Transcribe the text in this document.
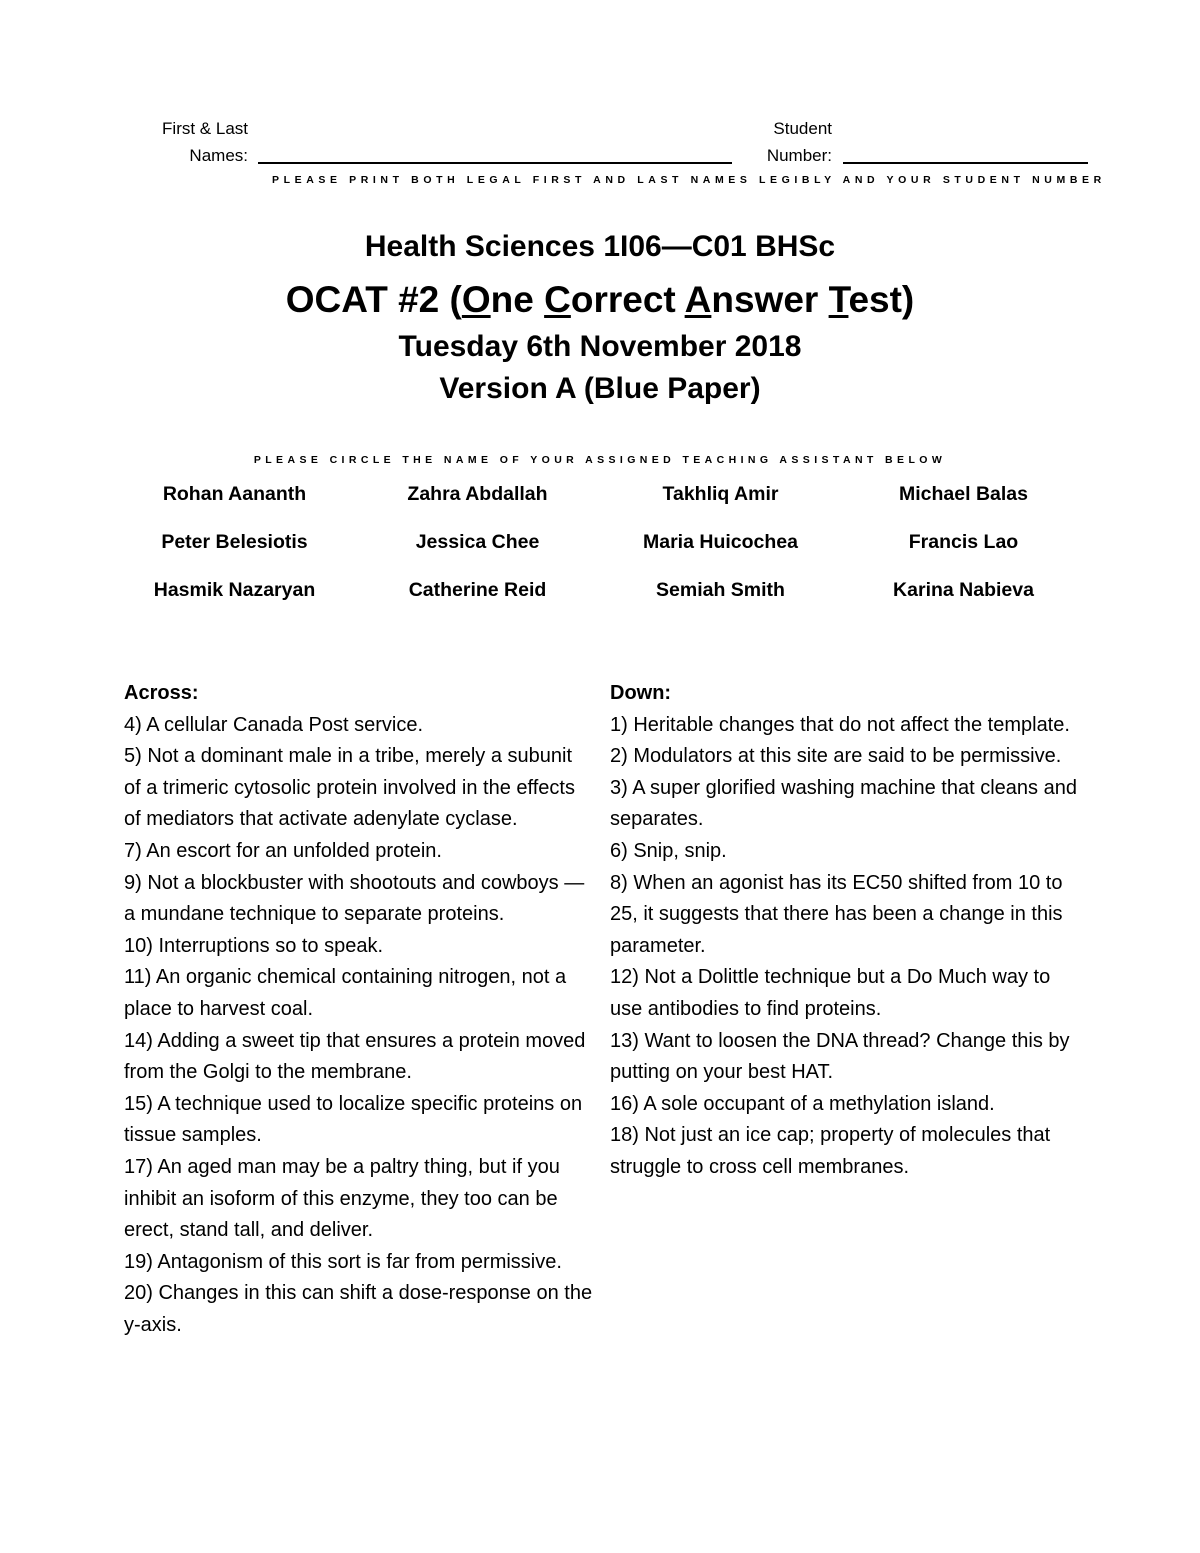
First & Last
Names:
Student
Number:
PLEASE PRINT BOTH LEGAL FIRST AND LAST NAMES LEGIBLY AND YOUR STUDENT NUMBER
Health Sciences 1I06—C01 BHSc
OCAT #2 (One Correct Answer Test)
Tuesday 6th November 2018
Version A (Blue Paper)
PLEASE CIRCLE THE NAME OF YOUR ASSIGNED TEACHING ASSISTANT BELOW
Rohan Aananth	Zahra Abdallah	Takhliq Amir	Michael Balas
Peter Belesiotis	Jessica Chee	Maria Huicochea	Francis Lao
Hasmik Nazaryan	Catherine Reid	Semiah Smith	Karina Nabieva

Across:

4) A cellular Canada Post service.

5) Not a dominant male in a tribe, merely a subunit of a trimeric cytosolic protein involved in the effects of mediators that activate adenylate cyclase.

7) An escort for an unfolded protein.

9) Not a blockbuster with shootouts and cowboys — a mundane technique to separate proteins.

10) Interruptions so to speak.

11) An organic chemical containing nitrogen, not a place to harvest coal.

14) Adding a sweet tip that ensures a protein moved from the Golgi to the membrane.

15) A technique used to localize specific proteins on tissue samples.

17) An aged man may be a paltry thing, but if you inhibit an isoform of this enzyme, they too can be erect, stand tall, and deliver.

19) Antagonism of this sort is far from permissive.

20) Changes in this can shift a dose-response on the y-axis.

Down:

1) Heritable changes that do not affect the template.

2) Modulators at this site are said to be permissive.

3) A super glorified washing machine that cleans and separates.

6) Snip, snip.

8) When an agonist has its EC50 shifted from 10 to 25, it suggests that there has been a change in this parameter.

12) Not a Dolittle technique but a Do Much way to use antibodies to find proteins.

13) Want to loosen the DNA thread? Change this by putting on your best HAT.

16) A sole occupant of a methylation island.

18) Not just an ice cap; property of molecules that struggle to cross cell membranes.
